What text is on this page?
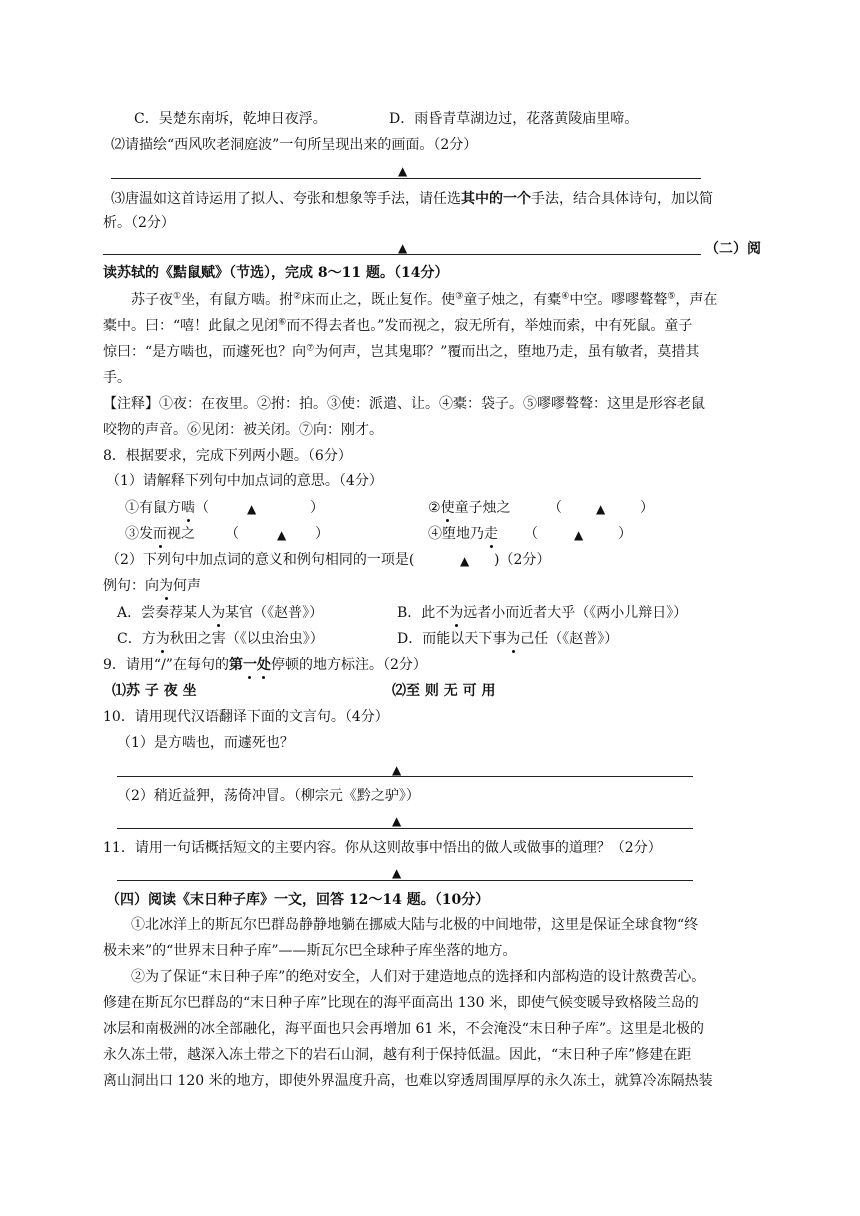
C．吴楚东南坼，乾坤日夜浮。	D．雨昏青草湖边过，花落黄陵庙里啼。
⑵请描绘“西风吹老洞庭波”一句所呈现出来的画面。（2分）
▲
⑶唐温如这首诗运用了拟人、夸张和想象等手法，请任选其中的一个手法，结合具体诗句，加以简
析。（2分）
▲	（二）阅
读苏轼的《黠鼠赋》（节选），完成 8～11 题。（14分）
苏子夜①坐，有鼠方啮。拊②床而止之，既止复作。使③童子烛之，有橐④中空。嘐嘐聱聱⑤，声在
橐中。曰：“嘻！此鼠之见闭⑥而不得去者也。”发而视之，寂无所有，举烛而索，中有死鼠。童子
惊曰：“是方啮也，而遽死也？向⑦为何声，岂其鬼耶？”覆而出之，堕地乃走，虽有敏者，莫措其
手。
【注释】①夜：在夜里。②拊：拍。③使：派遣、让。④橐：袋子。⑤嘐嘐聱聱：这里是形容老鼠
咬物的声音。⑥见闭：被关闭。⑦向：刚才。
8．根据要求，完成下列两小题。（6分）
（1）请解释下列句中加点词的意思。（4分）
①有鼠方啮（	▲	）	②使童子烛之	（	▲ ）
③发而视之 （	▲ ）	④堕地乃走 （	▲ ）
（2）下列句中加点词的意义和例句相同的一项是(	▲ )（2分）
例句：向为何声
A．尝奏荐某人为某官（《赵普》）	B．此不为远者小而近者大乎（《两小儿辩日》）
C．方为秋田之害（《以虫治虫》）	D．而能以天下事为己任（《赵普》）
9．请用“/”在每句的第一处停顿的地方标注。（2分）
⑴苏 子 夜 坐	⑵至 则 无 可 用
10．请用现代汉语翻译下面的文言句。（4分）
（1）是方啮也，而遽死也？
▲
（2）稍近益狎，荡倚冲冒。（柳宗元《黔之驴》）
▲
11．请用一句话概括短文的主要内容。你从这则故事中悟出的做人或做事的道理？（2分）
▲
（四）阅读《末日种子库》一文，回答 12～14 题。（10分）
①北冰洋上的斯瓦尔巴群岛静静地躺在挪威大陆与北极的中间地带，这里是保证全球食物“终
极未来”的“世界末日种子库”——斯瓦尔巴全球种子库坐落的地方。
②为了保证“末日种子库”的绝对安全，人们对于建造地点的选择和内部构造的设计熬费苦心。
修建在斯瓦尔巴群岛的“末日种子库”比现在的海平面高出 130 米，即使气候变暖导致格陵兰岛的
冰层和南极洲的冰全部融化，海平面也只会再增加 61 米，不会淹没“末日种子库”。这里是北极的
永久冻土带，越深入冻土带之下的岩石山洞，越有利于保持低温。因此，“末日种子库”修建在距
离山洞出口 120 米的地方，即使外界温度升高，也难以穿透周围厚厚的永久冻土，就算冷冻隔热装
